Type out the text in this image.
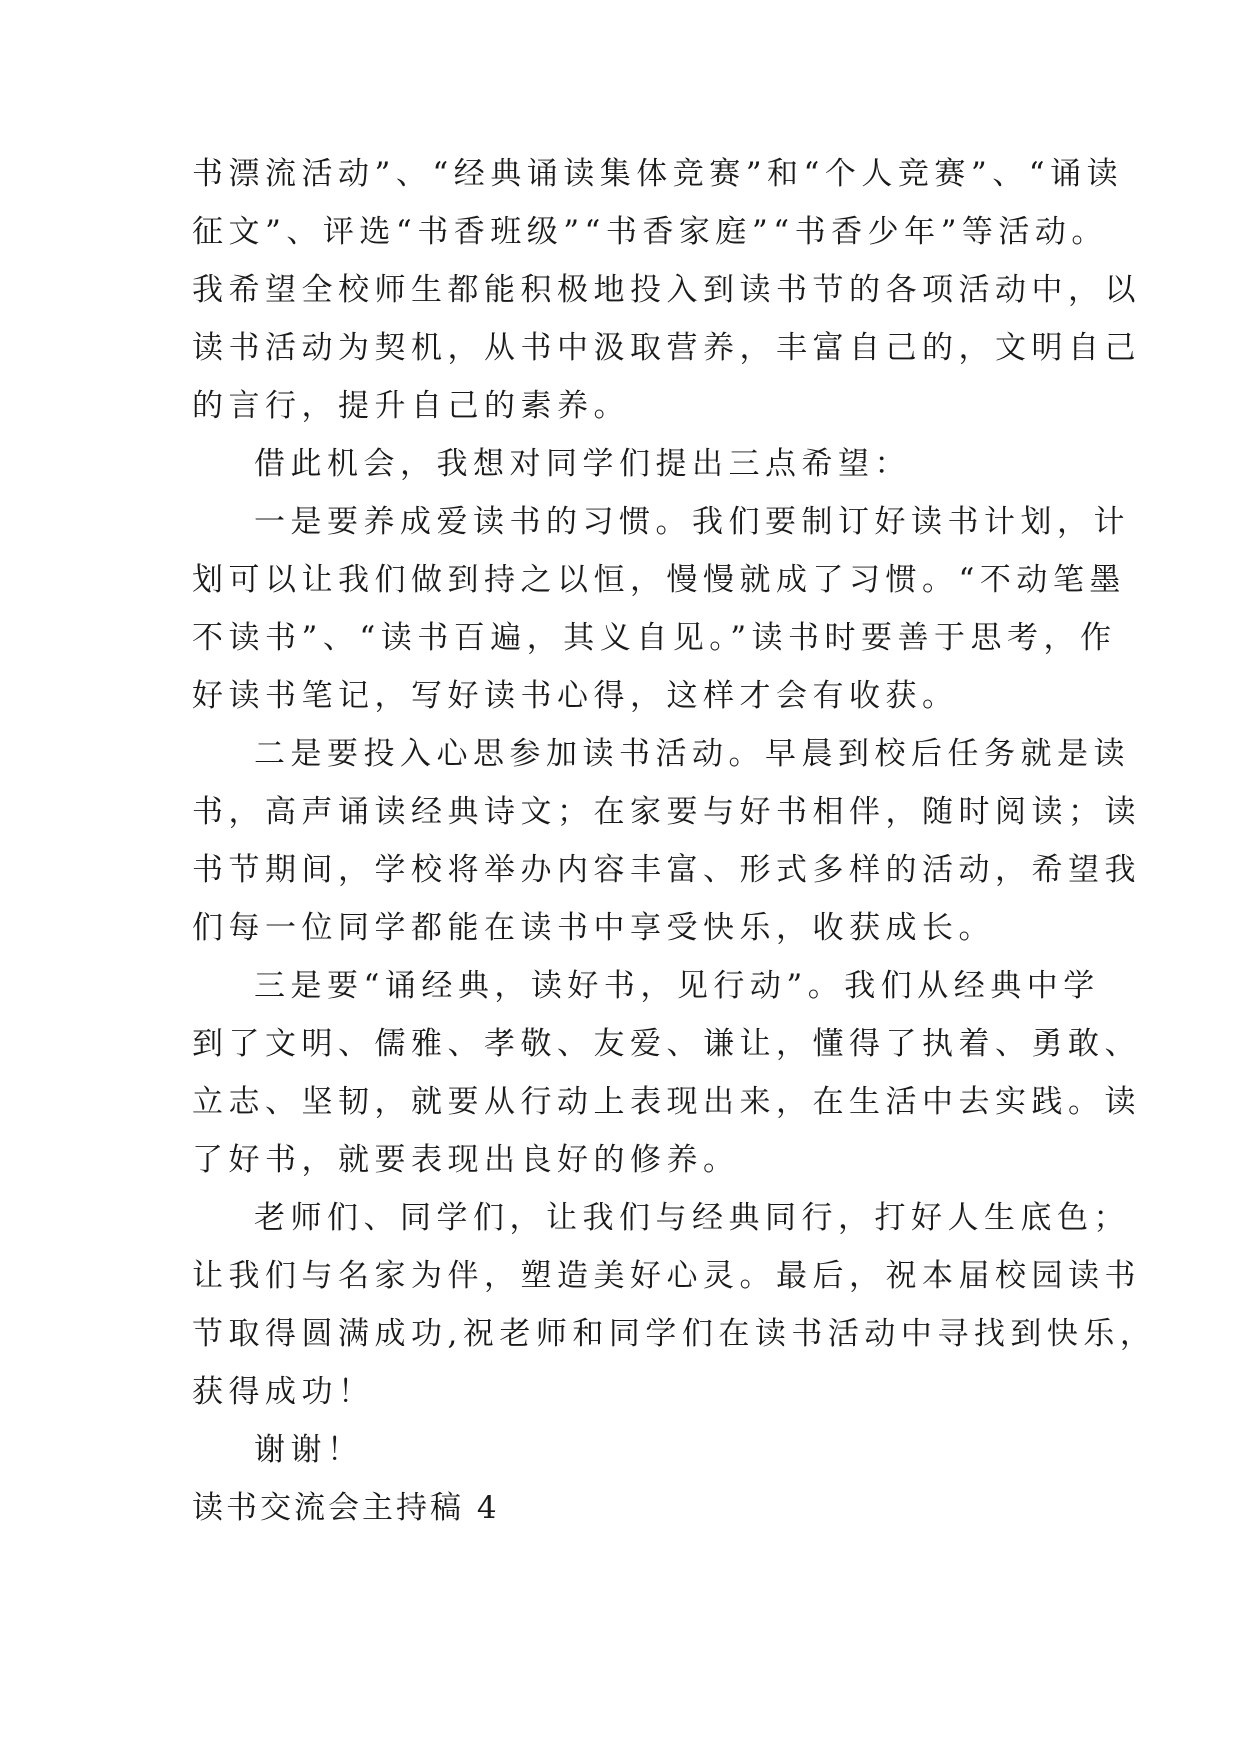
书漂流活动”、“经典诵读集体竞赛”和“个人竞赛”、“诵读
征文”、评选“书香班级”“书香家庭”“书香少年”等活动。
我希望全校师生都能积极地投入到读书节的各项活动中，以
读书活动为契机，从书中汲取营养，丰富自己的，文明自己
的言行，提升自己的素养。
借此机会，我想对同学们提出三点希望：
一是要养成爱读书的习惯。我们要制订好读书计划，计
划可以让我们做到持之以恒，慢慢就成了习惯。“不动笔墨
不读书”、“读书百遍，其义自见。”读书时要善于思考，作
好读书笔记，写好读书心得，这样才会有收获。
二是要投入心思参加读书活动。早晨到校后任务就是读
书，高声诵读经典诗文；在家要与好书相伴，随时阅读；读
书节期间，学校将举办内容丰富、形式多样的活动，希望我
们每一位同学都能在读书中享受快乐，收获成长。
三是要“诵经典，读好书，见行动”。我们从经典中学
到了文明、儒雅、孝敬、友爱、谦让，懂得了执着、勇敢、
立志、坚韧，就要从行动上表现出来，在生活中去实践。读
了好书，就要表现出良好的修养。
老师们、同学们，让我们与经典同行，打好人生底色；
让我们与名家为伴，塑造美好心灵。最后，祝本届校园读书
节取得圆满成功,祝老师和同学们在读书活动中寻找到快乐，
获得成功！
谢谢！
读书交流会主持稿 4
